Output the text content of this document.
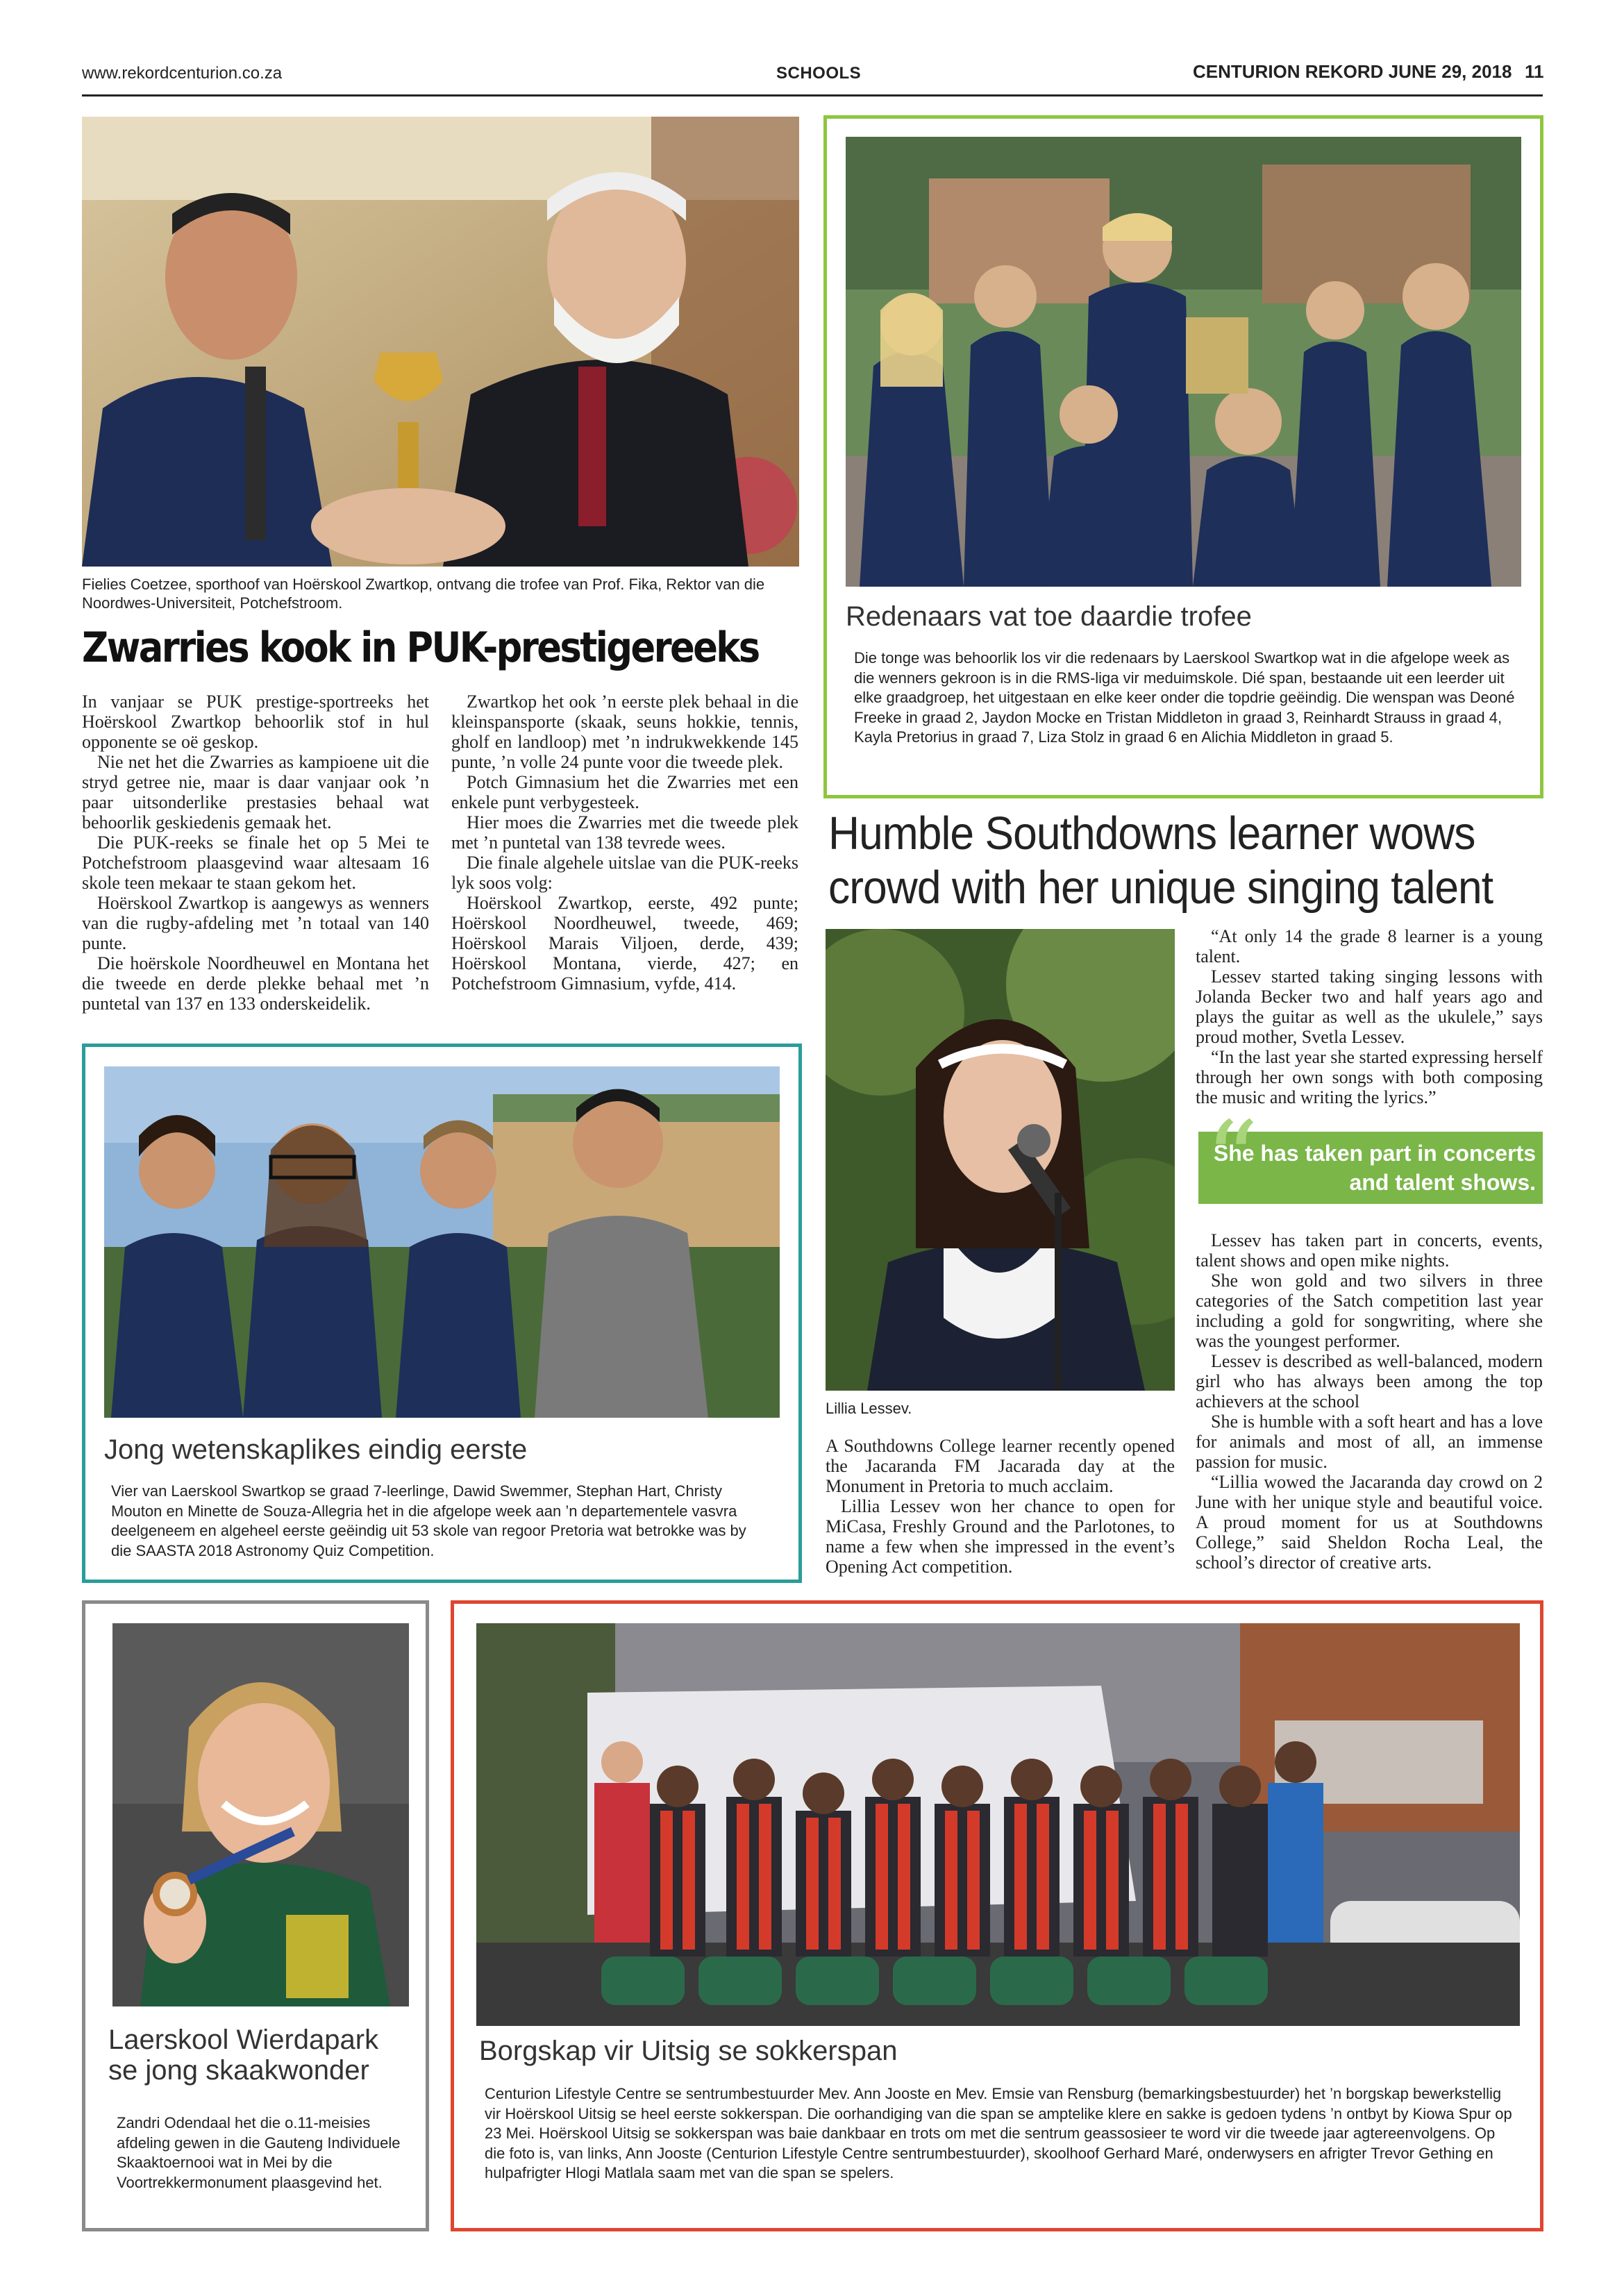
www.rekordcenturion.co.za	SCHOOLS	CENTURION REKORD JUNE 29, 2018 11
Fielies Coetzee, sporthoof van Hoërskool Zwartkop, ontvang die trofee van Prof. Fika, Rektor van die Noordwes-Universiteit, Potchefstroom.
Zwarries kook in PUK-prestigereeks

In vanjaar se PUK prestige-sportreeks het Hoërskool Zwartkop behoorlik stof in hul opponente se oë geskop.

Nie net het die Zwarries as kampioene uit die stryd getree nie, maar is daar vanjaar ook ’n paar uitsonderlike prestasies behaal wat behoorlik geskiedenis gemaak het.

Die PUK-reeks se finale het op 5 Mei te Potchefstroom plaasgevind waar altesaam 16 skole teen mekaar te staan gekom het.

Hoërskool Zwartkop is aangewys as wenners van die rugby-afdeling met ’n totaal van 140 punte.

Die hoërskole Noordheuwel en Montana het die tweede en derde plekke behaal met ’n puntetal van 137 en 133 onderskeidelik.

Zwartkop het ook ’n eerste plek behaal in die kleinspansporte (skaak, seuns hokkie, tennis, gholf en landloop) met ’n indrukwekkende 145 punte, ’n volle 24 punte voor die tweede plek.

Potch Gimnasium het die Zwarries met een enkele punt verbygesteek.

Hier moes die Zwarries met die tweede plek met ’n puntetal van 138 tevrede wees.

Die finale algehele uitslae van die PUK-reeks lyk soos volg:

Hoërskool Zwartkop, eerste, 492 punte; Hoërskool Noordheuwel, tweede, 469; Hoërskool Marais Viljoen, derde, 439; Hoërskool Montana, vierde, 427; en Potchefstroom Gimnasium, vyfde, 414.

Redenaars vat toe daardie trofee
Die tonge was behoorlik los vir die redenaars by Laerskool Swartkop wat in die afgelope week as die wenners gekroon is in die RMS-liga vir meduimskole. Dié span, bestaande uit een leerder uit elke graadgroep, het uitgestaan en elke keer onder die topdrie geëindig. Die wenspan was Deoné Freeke in graad 2, Jaydon Mocke en Tristan Middleton in graad 3, Reinhardt Strauss in graad 4, Kayla Pretorius in graad 7, Liza Stolz in graad 6 en Alichia Middleton in graad 5.
Humble Southdowns learner wows crowd with her unique singing talent
Lillia Lessev.

A Southdowns College learner recently opened the Jacaranda FM Jacarada day at the Monument in Pretoria to much acclaim.

Lillia Lessev won her chance to open for MiCasa, Freshly Ground and the Parlotones, to name a few when she impressed in the event’s Opening Act competition.

“At only 14 the grade 8 learner is a young talent.

Lessev started taking singing lessons with Jolanda Becker two and half years ago and plays the guitar as well as the ukulele,” says proud mother, Svetla Lessev.

“In the last year she started expressing herself through her own songs with both composing the music and writing the lyrics.”

“
She has taken part in concerts and talent shows.

Lessev has taken part in concerts, events, talent shows and open mike nights.

She won gold and two silvers in three categories of the Satch competition last year including a gold for songwriting, where she was the youngest performer.

Lessev is described as well-balanced, modern girl who has always been among the top achievers at the school

She is humble with a soft heart and has a love for animals and most of all, an immense passion for music.

“Lillia wowed the Jacaranda day crowd on 2 June with her unique style and beautiful voice. A proud moment for us at Southdowns College,” said Sheldon Rocha Leal, the school’s director of creative arts.

Jong wetenskaplikes eindig eerste
Vier van Laerskool Swartkop se graad 7-leerlinge, Dawid Swemmer, Stephan Hart, Christy Mouton en Minette de Souza-Allegria het in die afgelope week aan ’n departementele vasvra deelgeneem en algeheel eerste geëindig uit 53 skole van regoor Pretoria wat betrokke was by die SAASTA 2018 Astronomy Quiz Competition.
Laerskool Wierdapark se jong skaakwonder
Zandri Odendaal het die o.11-meisies afdeling gewen in die Gauteng Individuele Skaaktoernooi wat in Mei by die Voortrekkermonument plaasgevind het.
Borgskap vir Uitsig se sokkerspan
Centurion Lifestyle Centre se sentrumbestuurder Mev. Ann Jooste en Mev. Emsie van Rensburg (bemarkingsbestuurder) het ’n borgskap bewerkstellig vir Hoërskool Uitsig se heel eerste sokkerspan. Die oorhandiging van die span se amptelike klere en sakke is gedoen tydens ’n ontbyt by Kiowa Spur op 23 Mei. Hoërskool Uitsig se sokkerspan was baie dankbaar en trots om met die sentrum geassosieer te word vir die tweede jaar agtereenvolgens. Op die foto is, van links, Ann Jooste (Centurion Lifestyle Centre sentrumbestuurder), skoolhoof Gerhard Maré, onderwysers en afrigter Trevor Gething en hulpafrigter Hlogi Matlala saam met van die span se spelers.
